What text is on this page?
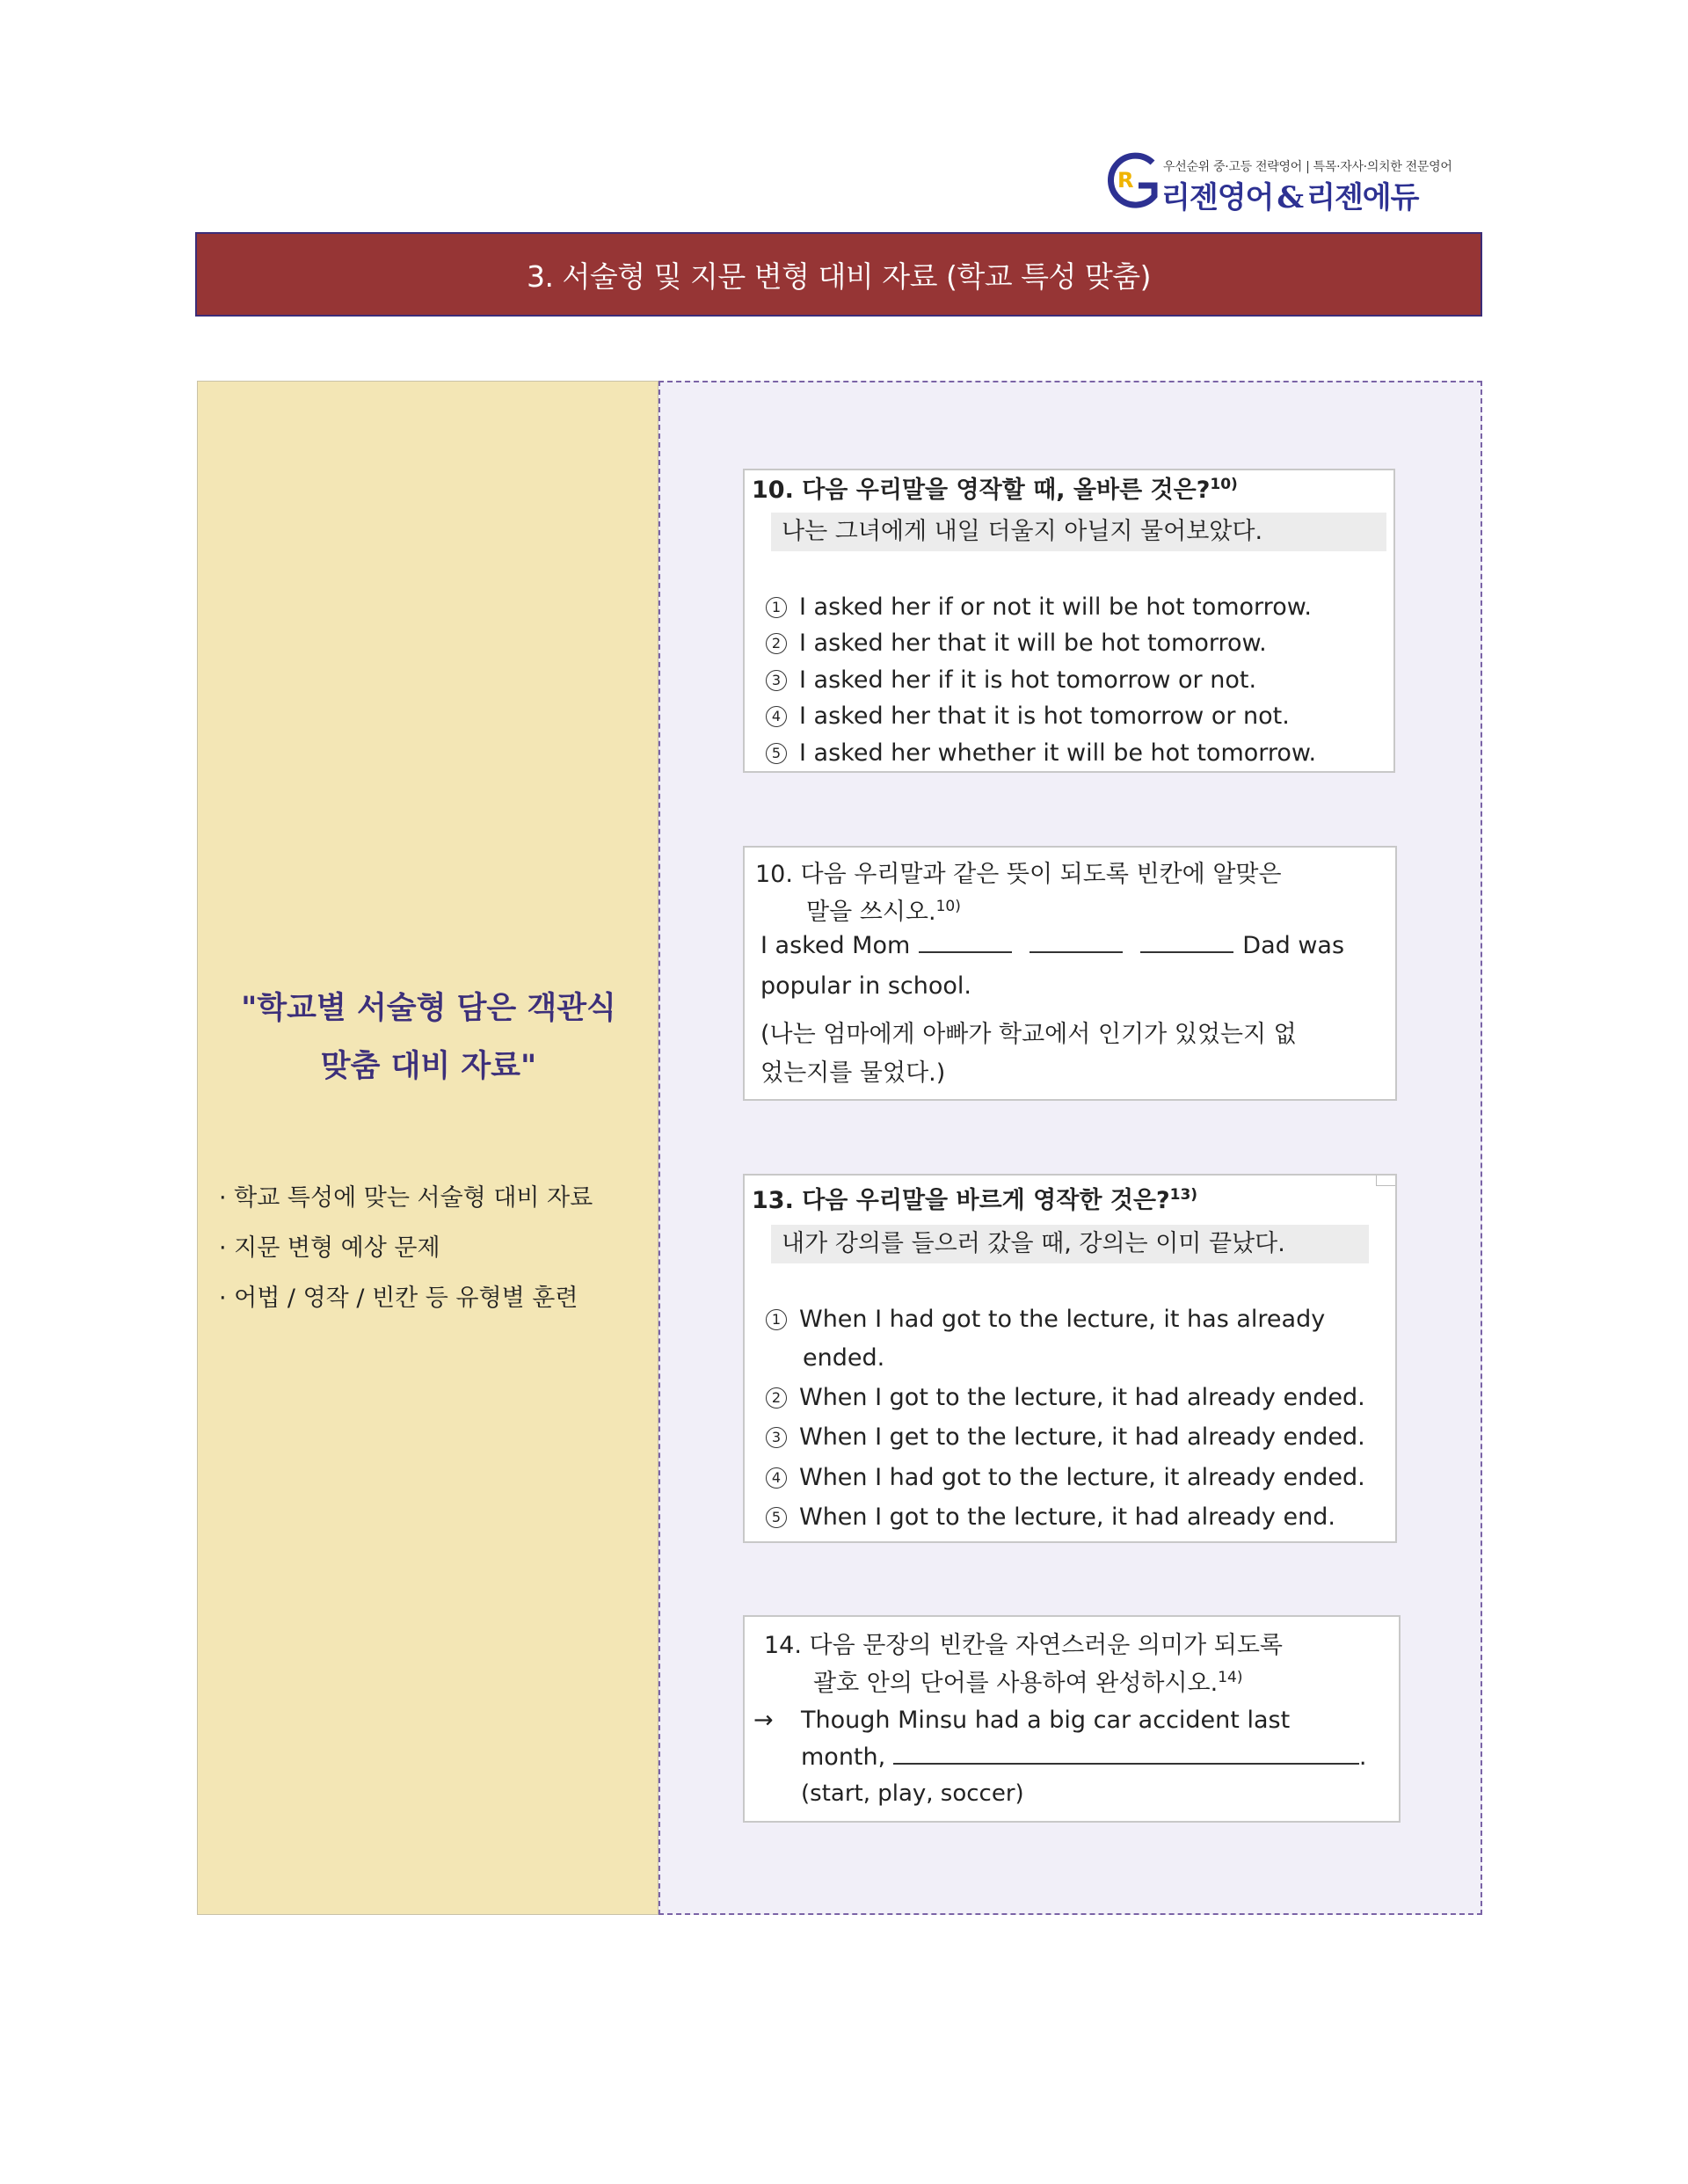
R
우선순위 중·고등 전략영어 | 특목·자사·의치한 전문영어
리젠영어 & 리젠에듀
3. 서술형 및 지문 변형 대비 자료 (학교 특성 맞춤)
"학교별 서술형 담은 객관식
맞춤 대비 자료"
· 학교 특성에 맞는 서술형 대비 자료
· 지문 변형 예상 문제
· 어법 / 영작 / 빈칸 등 유형별 훈련
10. 다음 우리말을 영작할 때, 올바른 것은?$^{10)}$
나는 그녀에게 내일 더울지 아닐지 물어보았다.
1 I asked her if or not it will be hot tomorrow.
2 I asked her that it will be hot tomorrow.
3 I asked her if it is hot tomorrow or not.
4 I asked her that it is hot tomorrow or not.
5 I asked her whether it will be hot tomorrow.
10. 다음 우리말과 같은 뜻이 되도록 빈칸에 알맞은
말을 쓰시오.$^{10)}$
I asked Mom	Dad was
popular in school.
(나는 엄마에게 아빠가 학교에서 인기가 있었는지 없
었는지를 물었다.)
13. 다음 우리말을 바르게 영작한 것은?$^{13)}$
내가 강의를 들으러 갔을 때, 강의는 이미 끝났다.
1 When I had got to the lecture, it has already
ended.
2 When I got to the lecture, it had already ended.
3 When I get to the lecture, it had already ended.
4 When I had got to the lecture, it already ended.
5 When I got to the lecture, it had already end.
14. 다음 문장의 빈칸을 자연스러운 의미가 되도록
괄호 안의 단어를 사용하여 완성하시오.$^{14)}$
→ Though Minsu had a big car accident last
month,	.
(start, play, soccer)
